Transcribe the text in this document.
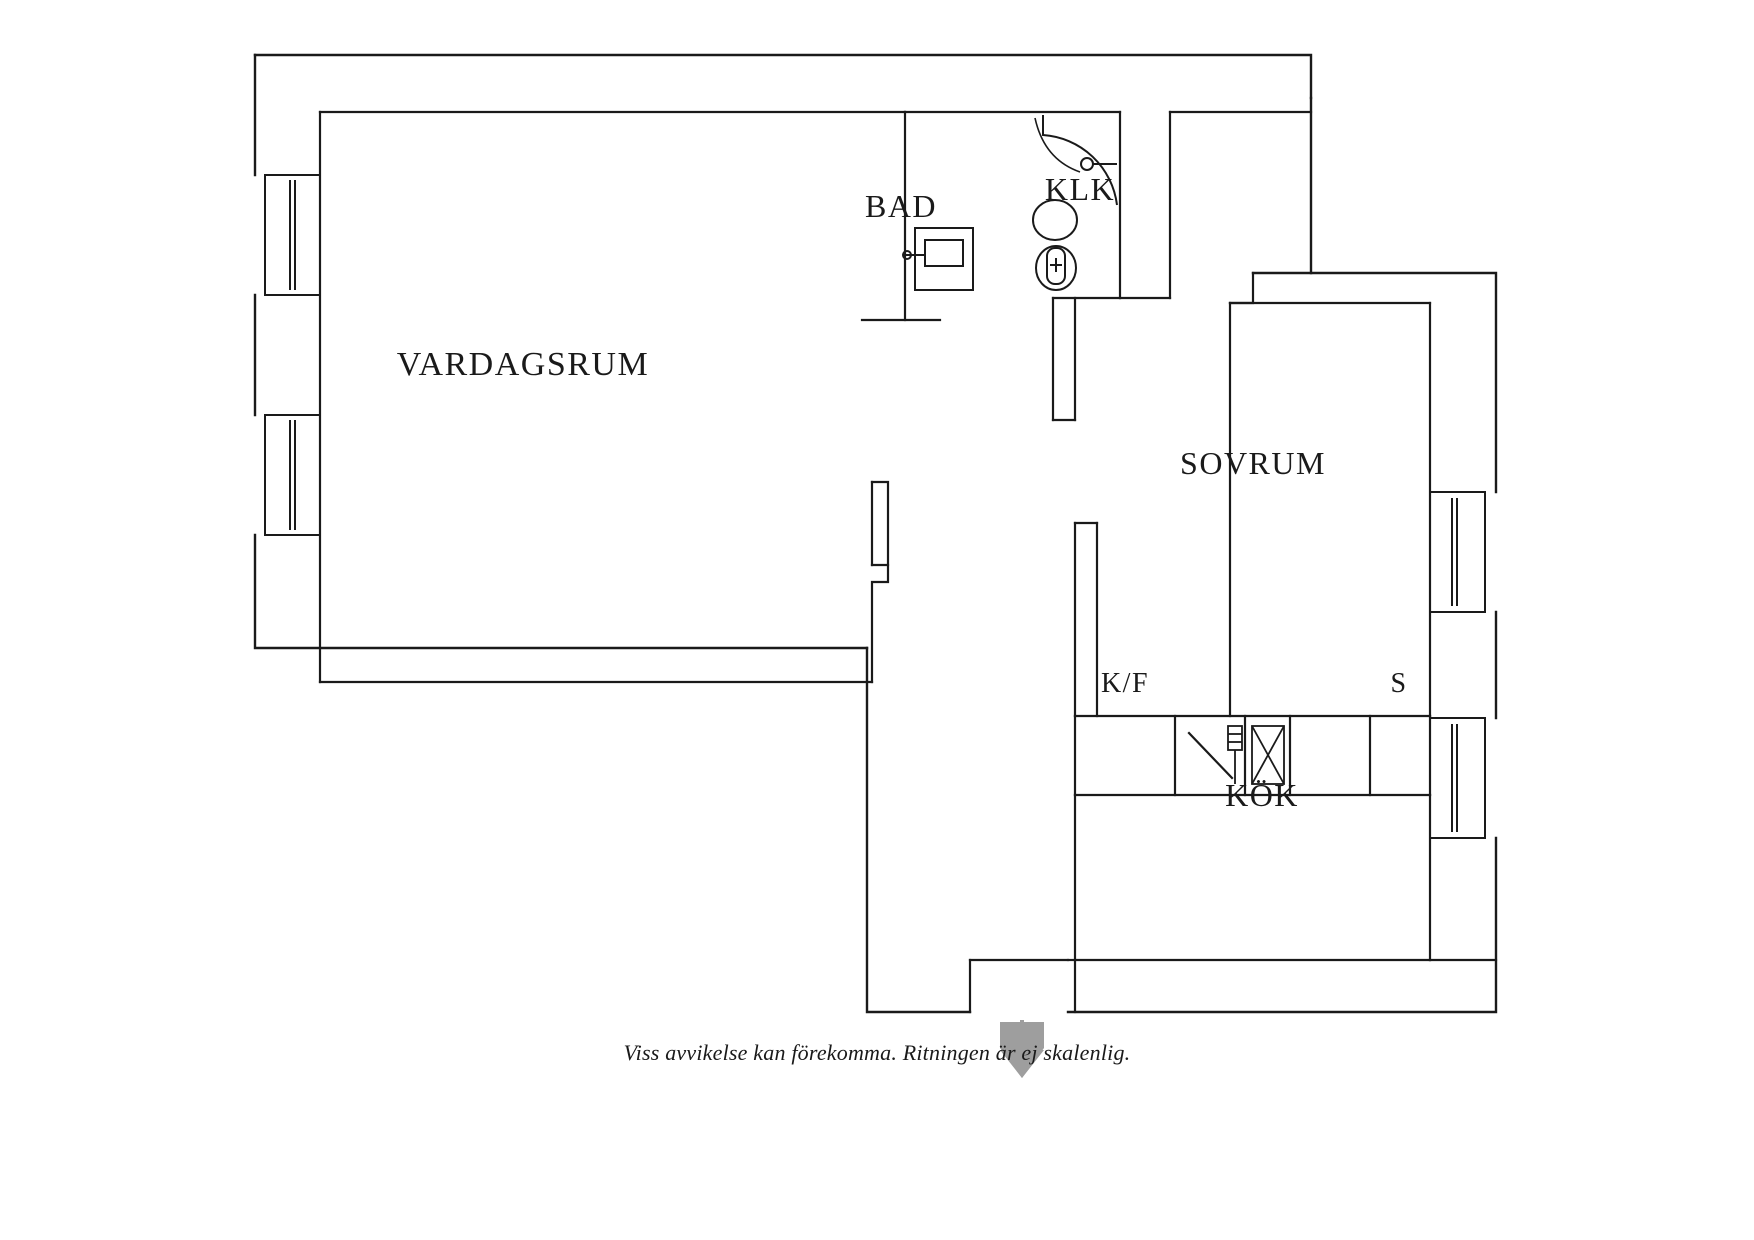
VARDAGSRUM
BAD	KLK
SOVRUM
KÖK
K/F	S
Viss avvikelse kan förekomma. Ritningen är ej skalenlig.
